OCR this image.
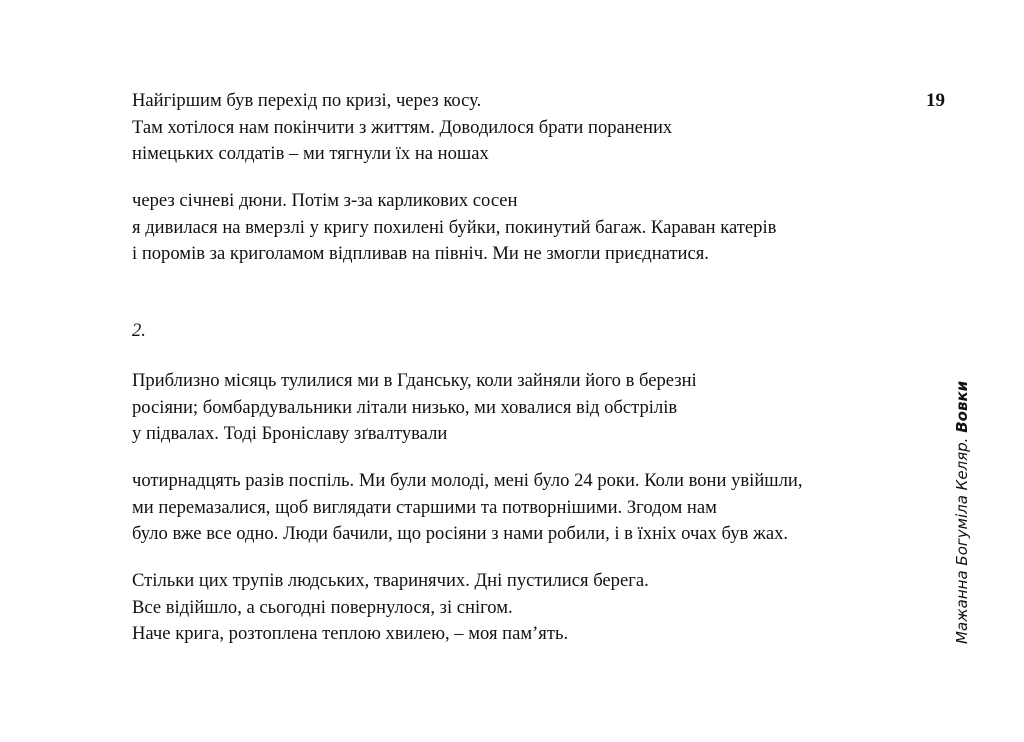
19
Найгіршим був перехід по кризі, через косу.
Там хотілося нам покінчити з життям. Доводилося брати поранених
німецьких солдатів – ми тягнули їх на ношах
через січневі дюни. Потім з-за карликових сосен
я дивилася на вмерзлі у кригу похилені буйки, покинутий багаж. Караван катерів
і поромів за криголамом відпливав на північ. Ми не змогли приєднатися.
2.
Приблизно місяць тулилися ми в Гданську, коли зайняли його в березні
росіяни; бомбардувальники літали низько, ми ховалися від обстрілів
у підвалах. Тоді Броніславу зґвалтували
чотирнадцять разів поспіль. Ми були молоді, мені було 24 роки. Коли вони увійшли,
ми перемазалися, щоб виглядати старшими та потворнішими. Згодом нам
було вже все одно. Люди бачили, що росіяни з нами робили, і в їхніх очах був жах.
Стільки цих трупів людських, тваринячих. Дні пустилися берега.
Все відійшло, а сьогодні повернулося, зі снігом.
Наче крига, розтоплена теплою хвилею, – моя пам’ять.	Мажанна Богуміла Келяр. Вовки
